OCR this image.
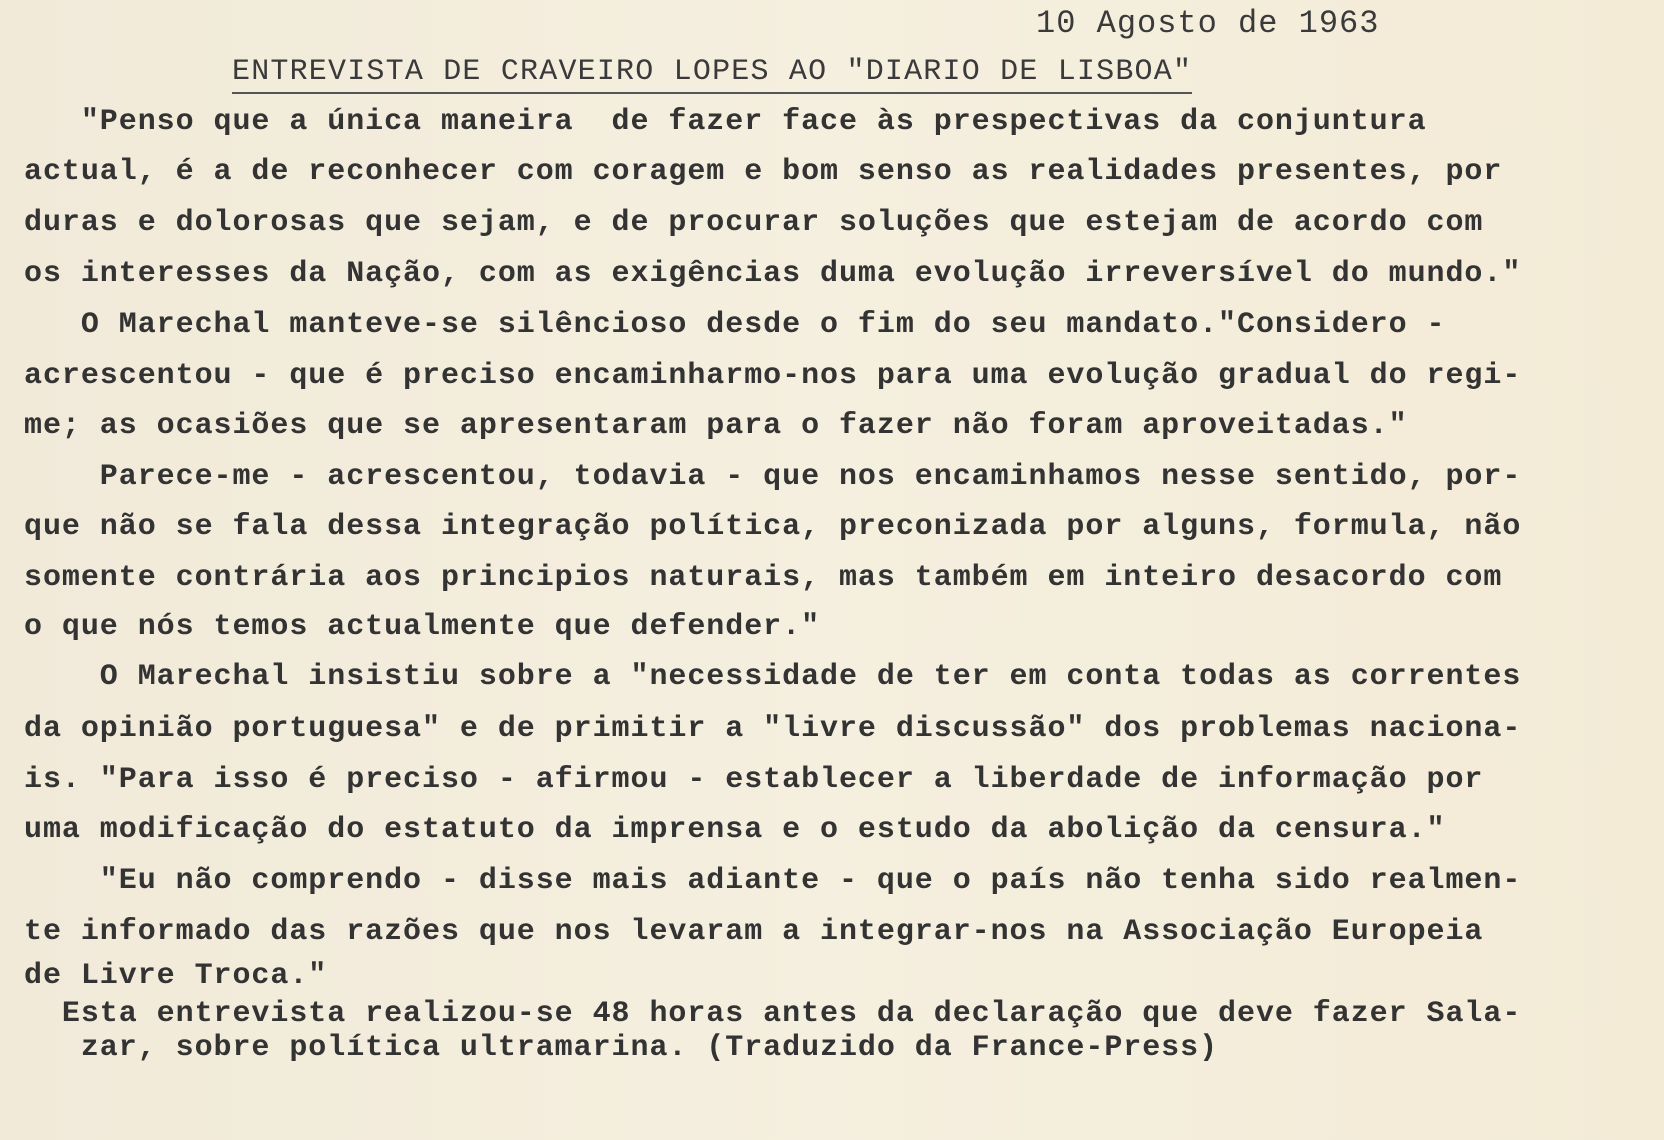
10 Agosto de 1963
ENTREVISTA DE CRAVEIRO LOPES AO "DIARIO DE LISBOA"

"Penso que a única maneira  de fazer face às prespectivas da conjuntura

actual, é a de reconhecer com coragem e bom senso as realidades presentes, por

duras e dolorosas que sejam, e de procurar soluções que estejam de acordo com

os interesses da Nação, com as exigências duma evolução irreversível do mundo."

O Marechal manteve-se silêncioso desde o fim do seu mandato."Considero -

acrescentou - que é preciso encaminharmo-nos para uma evolução gradual do regi-

me; as ocasiões que se apresentaram para o fazer não foram aproveitadas."

Parece-me - acrescentou, todavia - que nos encaminhamos nesse sentido, por-

que não se fala dessa integração política, preconizada por alguns, formula, não

somente contrária aos principios naturais, mas também em inteiro desacordo com

o que nós temos actualmente que defender."

O Marechal insistiu sobre a "necessidade de ter em conta todas as correntes

da opinião portuguesa" e de primitir a "livre discussão" dos problemas naciona-

is. "Para isso é preciso - afirmou - establecer a liberdade de informação por

uma modificação do estatuto da imprensa e o estudo da abolição da censura."

"Eu não comprendo - disse mais adiante - que o país não tenha sido realmen-

te informado das razões que nos levaram a integrar-nos na Associação Europeia

de Livre Troca."

Esta entrevista realizou-se 48 horas antes da declaração que deve fazer Sala-

zar, sobre política ultramarina. (Traduzido da France-Press)
